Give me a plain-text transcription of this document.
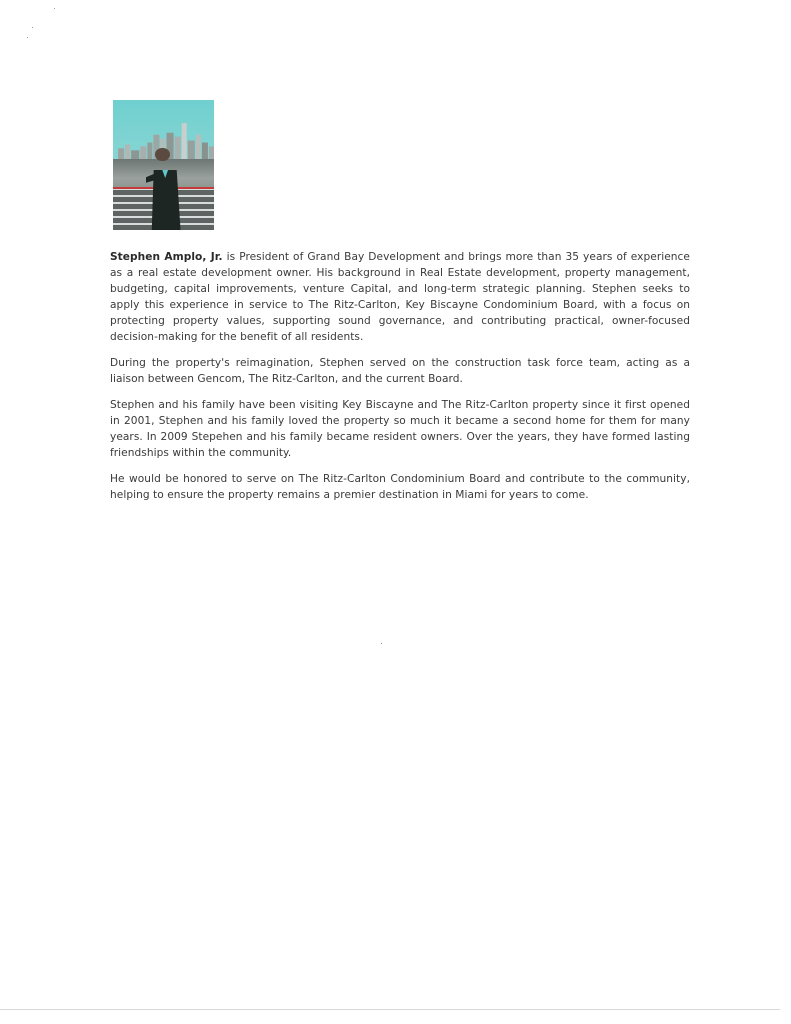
Stephen Amplo, Jr. is President of Grand Bay Development and brings more than 35 years of experience as a real estate development owner. His background in Real Estate development, property management, budgeting, capital improvements, venture Capital, and long-term strategic planning. Stephen seeks to apply this experience in service to The Ritz-Carlton, Key Biscayne Condominium Board, with a focus on protecting property values, supporting sound governance, and contributing practical, owner-focused decision-making for the benefit of all residents.

During the property's reimagination, Stephen served on the construction task force team, acting as a liaison between Gencom, The Ritz-Carlton, and the current Board.

Stephen and his family have been visiting Key Biscayne and The Ritz-Carlton property since it first opened in 2001, Stephen and his family loved the property so much it became a second home for them for many years. In 2009 Stepehen and his family became resident owners. Over the years, they have formed lasting friendships within the community.

He would be honored to serve on The Ritz-Carlton Condominium Board and contribute to the community, helping to ensure the property remains a premier destination in Miami for years to come.
